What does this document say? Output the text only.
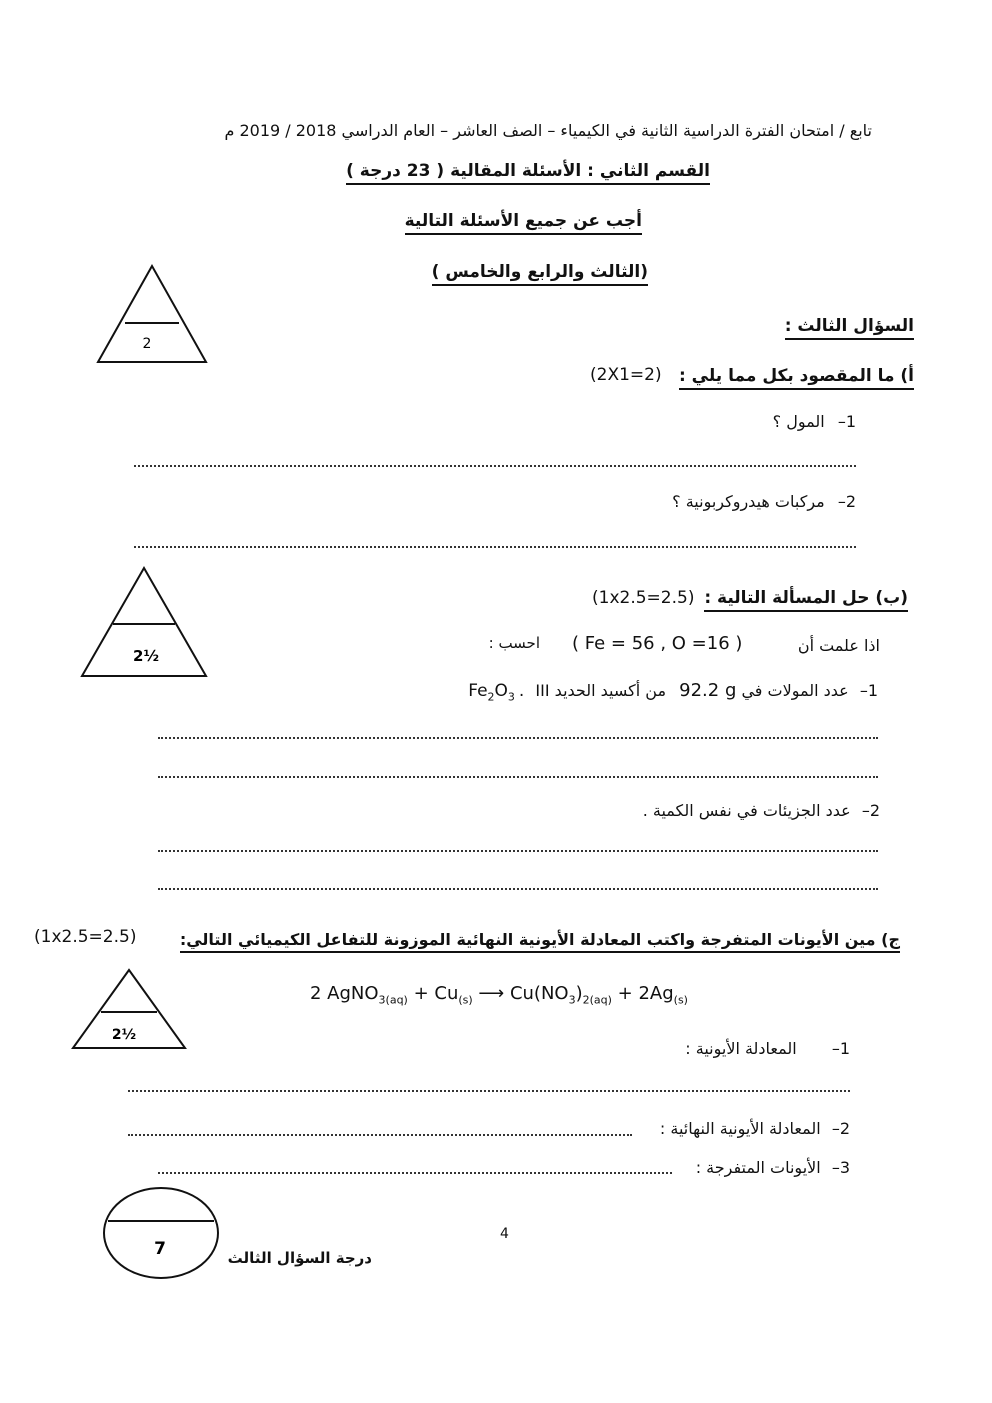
تابع / امتحان الفترة الدراسية الثانية في الكيمياء – الصف العاشر – العام الدراسي 2018 / 2019 م
القسم الثاني : الأسئلة المقالية ( 23 درجة )
أجب عن جميع الأسئلة التالية
(الثالث والرابع والخامس )
2
السؤال الثالث :
أ) ما المقصود بكل مما يلي :
(2X1=2)
1– المول ؟
2– مركبات هيدروكربونية ؟
2½
(ب) حل المسألة التالية :
(1x2.5=2.5)
اذا علمت أن
( Fe = 56 , O =16 )
احسب :
1– عدد المولات في 92.2 g من أكسيد الحديد III $Fe_2O_3$ .
2– عدد الجزيئات في نفس الكمية .
ج) مين الأيونات المتفرجة واكتب المعادلة الأيونية النهائية الموزونة للتفاعل الكيميائي التالي:
(1x2.5=2.5)
2 AgNO$_{3(aq)}$ + $Cu_{(s)}$ ⟶ $Cu(NO_3)_{2(aq)} + 2Ag_{(s)}$
2½
1– المعادلة الأيونية :
2– المعادلة الأيونية النهائية :
3– الأيونات المتفرجة :
7	درجة السؤال الثالث
4
